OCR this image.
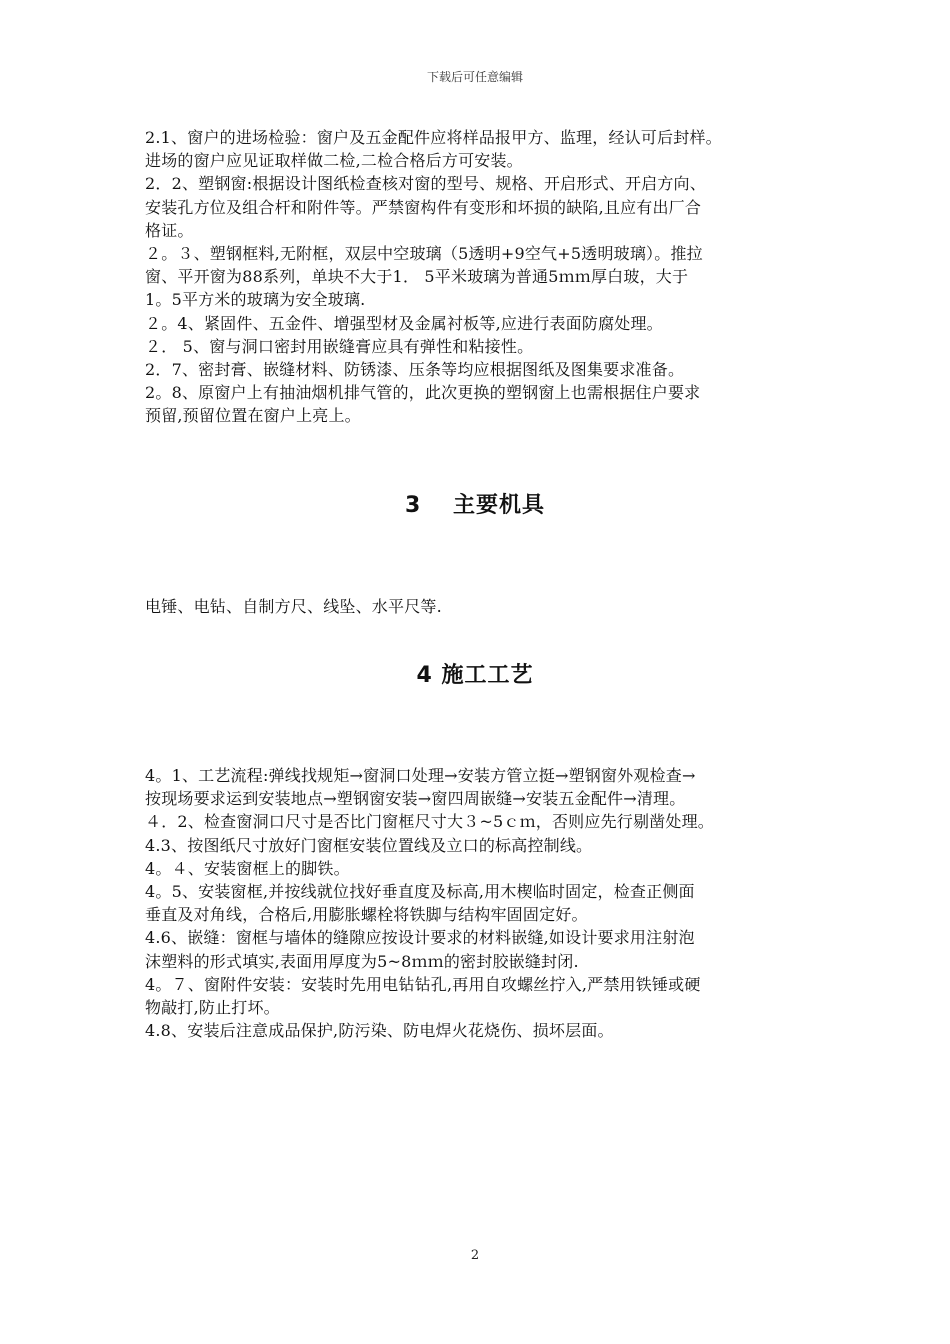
下载后可任意编辑
2.1、窗户的进场检验：窗户及五金配件应将样品报甲方、监理，经认可后封样。
进场的窗户应见证取样做二检,二检合格后方可安装。
2．2、塑钢窗:根据设计图纸检查核对窗的型号、规格、开启形式、开启方向、
安装孔方位及组合杆和附件等。严禁窗构件有变形和坏损的缺陷,且应有出厂合
格证。
２。３、塑钢框料,无附框，双层中空玻璃（5透明+9空气+5透明玻璃）。推拉
窗、平开窗为88系列，单块不大于1． 5平米玻璃为普通5ｍｍ厚白玻，大于
1。5平方米的玻璃为安全玻璃.
２。4、紧固件、五金件、增强型材及金属衬板等,应进行表面防腐处理。
２． 5、窗与洞口密封用嵌缝膏应具有弹性和粘接性。
2．7、密封膏、嵌缝材料、防锈漆、压条等均应根据图纸及图集要求准备。
2。8、原窗户上有抽油烟机排气管的，此次更换的塑钢窗上也需根据住户要求
预留,预留位置在窗户上亮上。
3　 主要机具
电锤、电钻、自制方尺、线坠、水平尺等.
4 施工工艺
4。1、工艺流程:弹线找规矩→窗洞口处理→安装方管立挺→塑钢窗外观检查→
按现场要求运到安装地点→塑钢窗安装→窗四周嵌缝→安装五金配件→清理。
４．2、检查窗洞口尺寸是否比门窗框尺寸大３~5ｃｍ，否则应先行剔凿处理。
4.3、按图纸尺寸放好门窗框安装位置线及立口的标高控制线。
4。４、安装窗框上的脚铁。
4。5、安装窗框,并按线就位找好垂直度及标高,用木楔临时固定，检查正侧面
垂直及对角线，合格后,用膨胀螺栓将铁脚与结构牢固固定好。
4.6、嵌缝：窗框与墙体的缝隙应按设计要求的材料嵌缝,如设计要求用注射泡
沫塑料的形式填实,表面用厚度为5~8ｍｍ的密封胶嵌缝封闭.
4。７、窗附件安装：安装时先用电钻钻孔,再用自攻螺丝拧入,严禁用铁锤或硬
物敲打,防止打坏。
4.8、安装后注意成品保护,防污染、防电焊火花烧伤、损坏层面。
2
